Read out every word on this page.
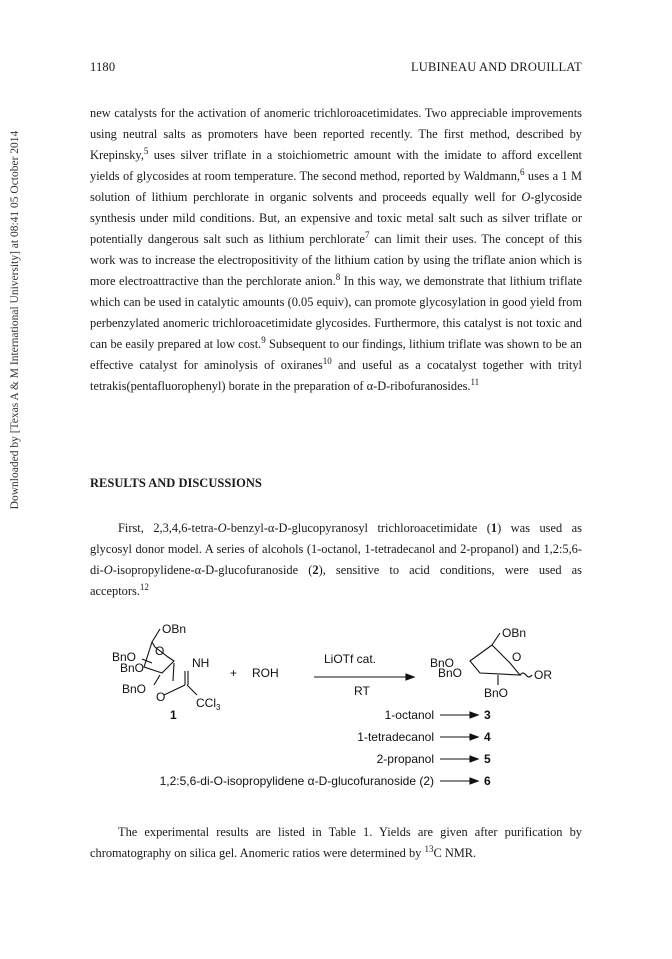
Downloaded by [Texas A & M International University] at 08:41 05 October 2014
1180	LUBINEAU AND DROUILLAT

new catalysts for the activation of anomeric trichloroacetimidates. Two appreciable improvements using neutral salts as promoters have been reported recently. The first method, described by Krepinsky,$^5$ uses silver triflate in a stoichiometric amount with the imidate to afford excellent yields of glycosides at room temperature. The second method, reported by Waldmann,$^6$ uses a 1 M solution of lithium perchlorate in organic solvents and proceeds equally well for O-glycoside synthesis under mild conditions. But, an expensive and toxic metal salt such as silver triflate or potentially dangerous salt such as lithium perchlorate$^7$ can limit their uses. The concept of this work was to increase the electropositivity of the lithium cation by using the triflate anion which is more electroattractive than the perchlorate anion.$^8$ In this way, we demonstrate that lithium triflate which can be used in catalytic amounts (0.05 equiv), can promote glycosylation in good yield from perbenzylated anomeric trichloroacetimidate glycosides. Furthermore, this catalyst is not toxic and can be easily prepared at low cost.$^9$ Subsequent to our findings, lithium triflate was shown to be an effective catalyst for aminolysis of oxiranes$^{10}$ and useful as a cocatalyst together with trityl tetrakis(pentafluorophenyl) borate in the preparation of α-D-ribofuranosides.$^{11}$

RESULTS AND DISCUSSIONS

First, 2,3,4,6-tetra-O-benzyl-α-D-glucopyranosyl trichloroacetimidate (1) was used as glycosyl donor model. A series of alcohols (1-octanol, 1-tetradecanol and 2-propanol) and 1,2:5,6-di-O-isopropylidene-α-D-glucofuranoside (2), sensitive to acid conditions, were used as acceptors.$^{12}$

OBn
BnO
BnO
O
BnO
O
NH
CCl$_3$
+ ROH
LiOTf cat.
RT
OBn
BnO
BnO
O
OR
BnO
1	1-octanol	3
1-tetradecanol	4
2-propanol	5
1,2:5,6-di-O-isopropylidene α-D-glucofuranoside (2)	6

The experimental results are listed in Table 1. Yields are given after purification by chromatography on silica gel. Anomeric ratios were determined by $^{13}$C NMR.
